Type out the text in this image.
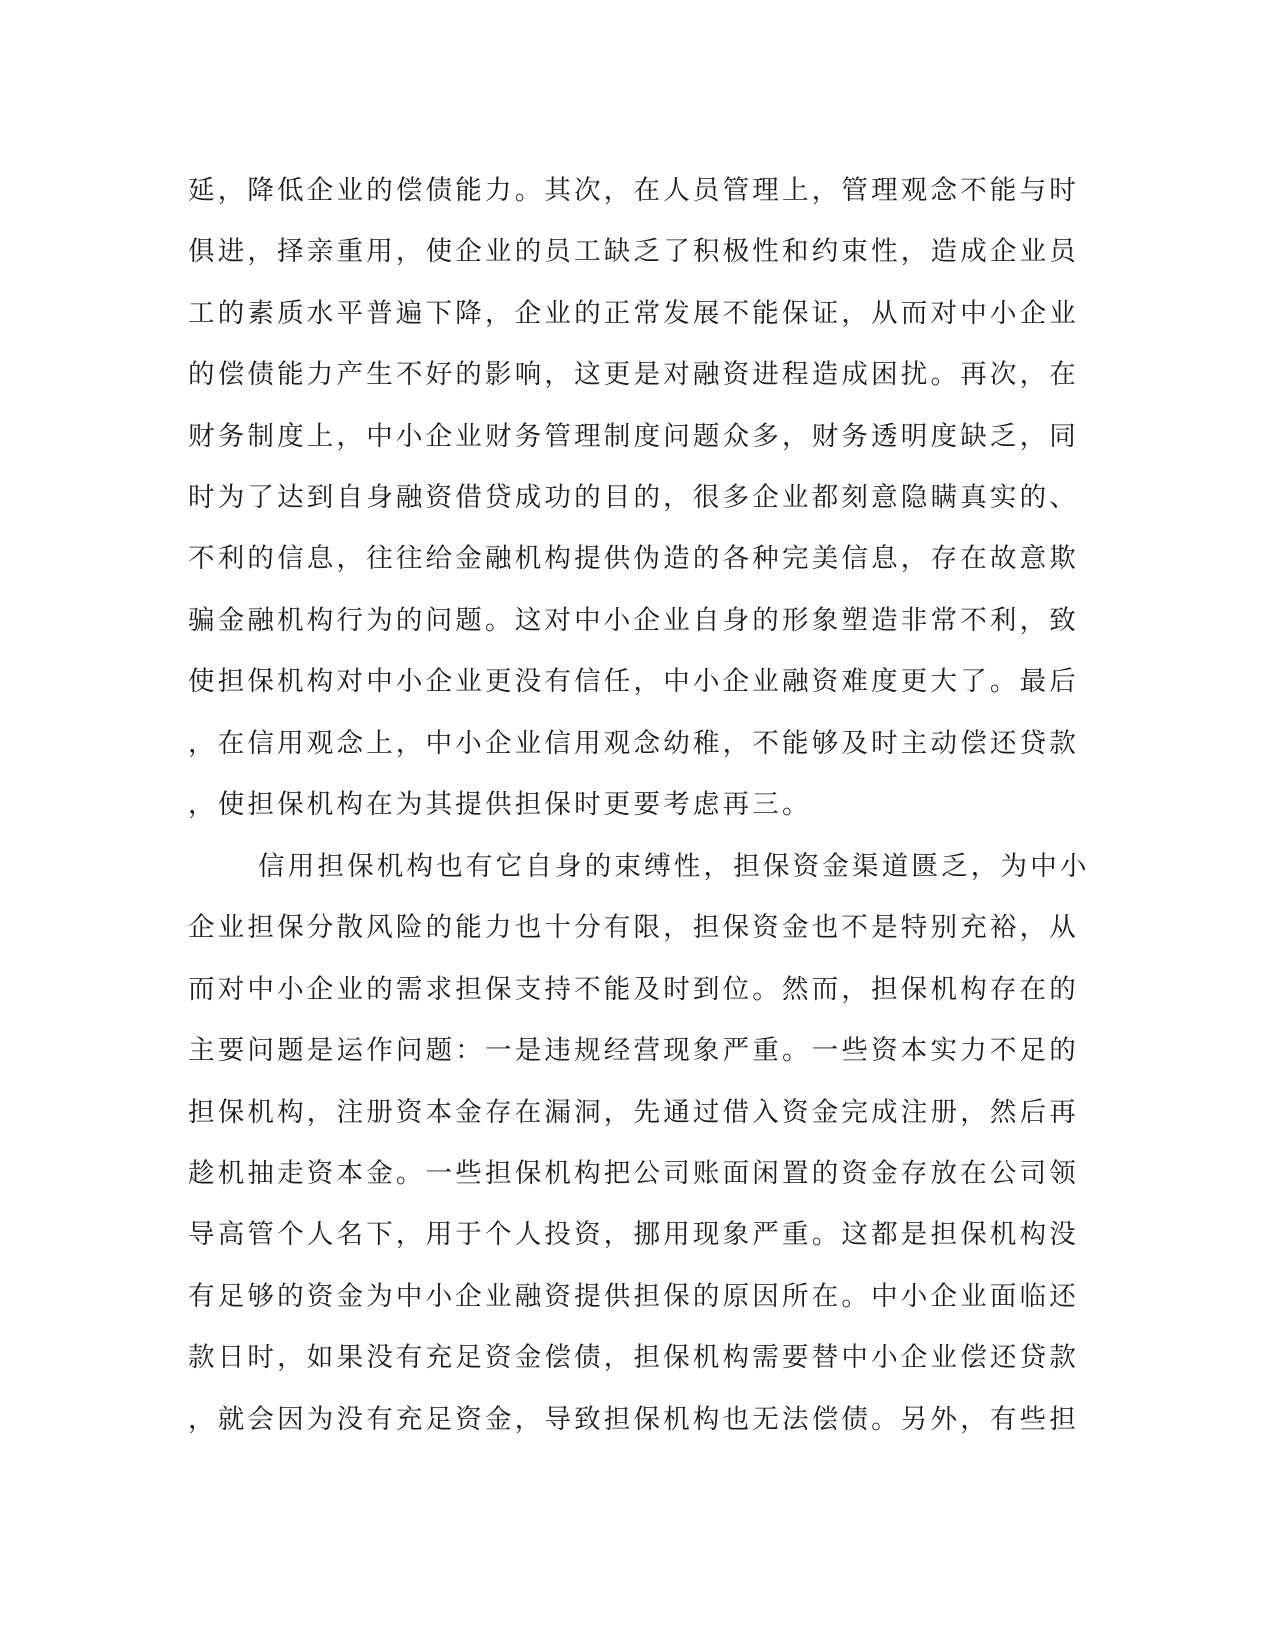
延，降低企业的偿债能力。其次，在人员管理上，管理观念不能与时

俱进，择亲重用，使企业的员工缺乏了积极性和约束性，造成企业员

工的素质水平普遍下降，企业的正常发展不能保证，从而对中小企业

的偿债能力产生不好的影响，这更是对融资进程造成困扰。再次，在

财务制度上，中小企业财务管理制度问题众多，财务透明度缺乏，同

时为了达到自身融资借贷成功的目的，很多企业都刻意隐瞒真实的、

不利的信息，往往给金融机构提供伪造的各种完美信息，存在故意欺

骗金融机构行为的问题。这对中小企业自身的形象塑造非常不利，致

使担保机构对中小企业更没有信任，中小企业融资难度更大了。最后

，在信用观念上，中小企业信用观念幼稚，不能够及时主动偿还贷款

，使担保机构在为其提供担保时更要考虑再三。

信用担保机构也有它自身的束缚性，担保资金渠道匮乏，为中小

企业担保分散风险的能力也十分有限，担保资金也不是特别充裕，从

而对中小企业的需求担保支持不能及时到位。然而，担保机构存在的

主要问题是运作问题：一是违规经营现象严重。一些资本实力不足的

担保机构，注册资本金存在漏洞，先通过借入资金完成注册，然后再

趁机抽走资本金。一些担保机构把公司账面闲置的资金存放在公司领

导高管个人名下，用于个人投资，挪用现象严重。这都是担保机构没

有足够的资金为中小企业融资提供担保的原因所在。中小企业面临还

款日时，如果没有充足资金偿债，担保机构需要替中小企业偿还贷款

，就会因为没有充足资金，导致担保机构也无法偿债。另外，有些担
